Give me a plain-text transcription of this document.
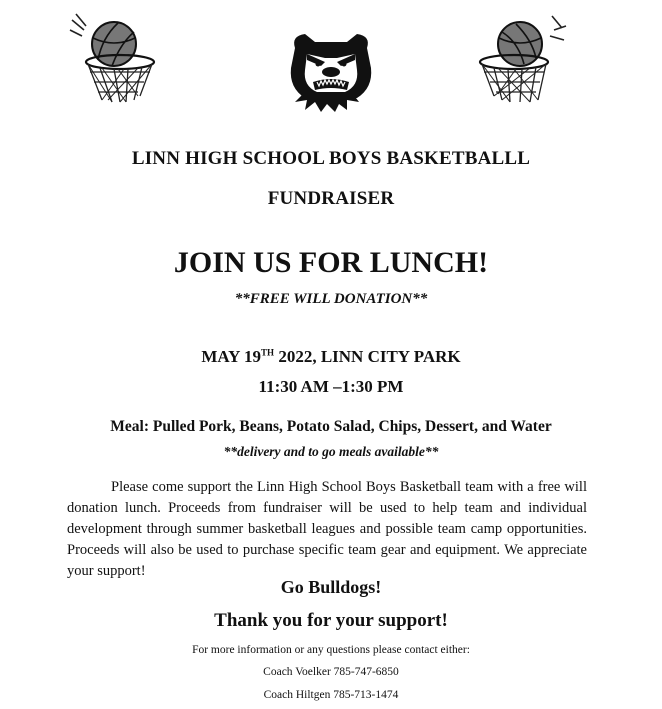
LINN HIGH SCHOOL BOYS BASKETBALLL
FUNDRAISER
JOIN US FOR LUNCH!
**FREE WILL DONATION**
MAY 19TH 2022, LINN CITY PARK
11:30 AM –1:30 PM
Meal: Pulled Pork, Beans, Potato Salad, Chips, Dessert, and Water
**delivery and to go meals available**
Please come support the Linn High School Boys Basketball team with a free will donation lunch. Proceeds from fundraiser will be used to help team and individual development through summer basketball leagues and possible team camp opportunities. Proceeds will also be used to purchase specific team gear and equipment. We appreciate your support!
Go Bulldogs!
Thank you for your support!
For more information or any questions please contact either:
Coach Voelker 785-747-6850
Coach Hiltgen 785-713-1474
